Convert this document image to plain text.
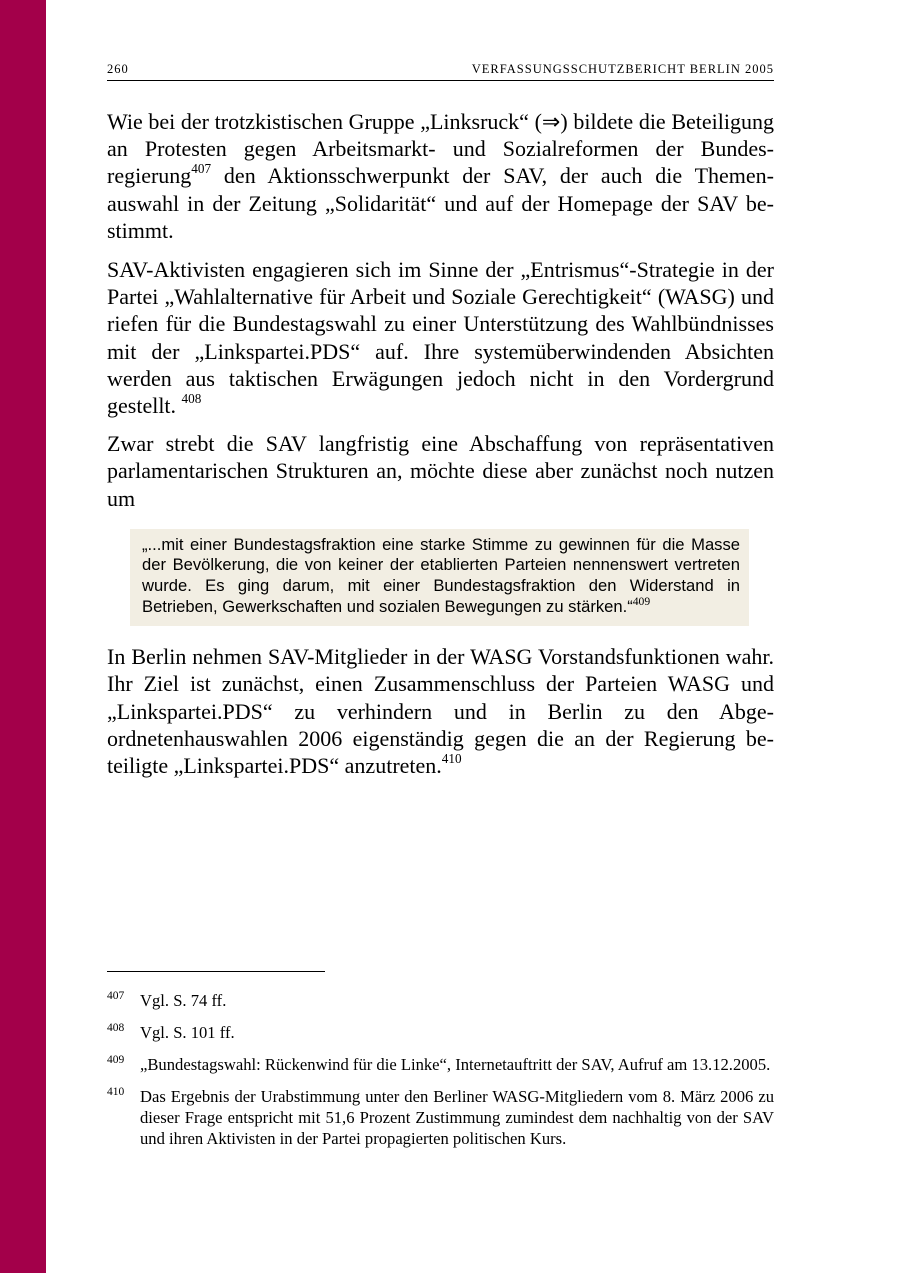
260	VERFASSUNGSSCHUTZBERICHT BERLIN 2005

Wie bei der trotzkistischen Gruppe „Linksruck“ (⇒) bildete die Beteiligung an Protesten gegen Arbeitsmarkt- und Sozialreformen der Bundesregierung$^{407}$ den Aktionsschwerpunkt der SAV, der auch die Themenauswahl in der Zeitung „Solidarität“ und auf der Homepage der SAV bestimmt.

SAV-Aktivisten engagieren sich im Sinne der „Entrismus“-Strategie in der Partei „Wahlalternative für Arbeit und Soziale Gerechtigkeit“ (WASG) und riefen für die Bundestagswahl zu einer Unterstützung des Wahlbündnisses mit der „Linkspartei.PDS“ auf. Ihre systemüberwindenden Absichten werden aus taktischen Erwägungen jedoch nicht in den Vordergrund gestellt. $^{408}$

Zwar strebt die SAV langfristig eine Abschaffung von repräsentativen parlamentarischen Strukturen an, möchte diese aber zunächst noch nutzen um

„...mit einer Bundestagsfraktion eine starke Stimme zu gewinnen für die Masse der Bevölkerung, die von keiner der etablierten Parteien nennenswert vertreten wurde. Es ging darum, mit einer Bundestagsfraktion den Widerstand in Betrieben, Gewerkschaften und sozialen Bewegungen zu stärken.“$^{409}$

In Berlin nehmen SAV-Mitglieder in der WASG Vorstandsfunktionen wahr. Ihr Ziel ist zunächst, einen Zusammenschluss der Parteien WASG und „Linkspartei.PDS“ zu verhindern und in Berlin zu den Abgeordnetenhauswahlen 2006 eigenständig gegen die an der Regierung beteiligte „Linkspartei.PDS“ anzutreten.$^{410}$

407 Vgl. S. 74 ff.
408 Vgl. S. 101 ff.
409 „Bundestagswahl: Rückenwind für die Linke“, Internetauftritt der SAV, Aufruf am 13.12.2005.
410 Das Ergebnis der Urabstimmung unter den Berliner WASG-Mitgliedern vom 8. März 2006 zu dieser Frage entspricht mit 51,6 Prozent Zustimmung zumindest dem nachhaltig von der SAV und ihren Aktivisten in der Partei propagierten politischen Kurs.
